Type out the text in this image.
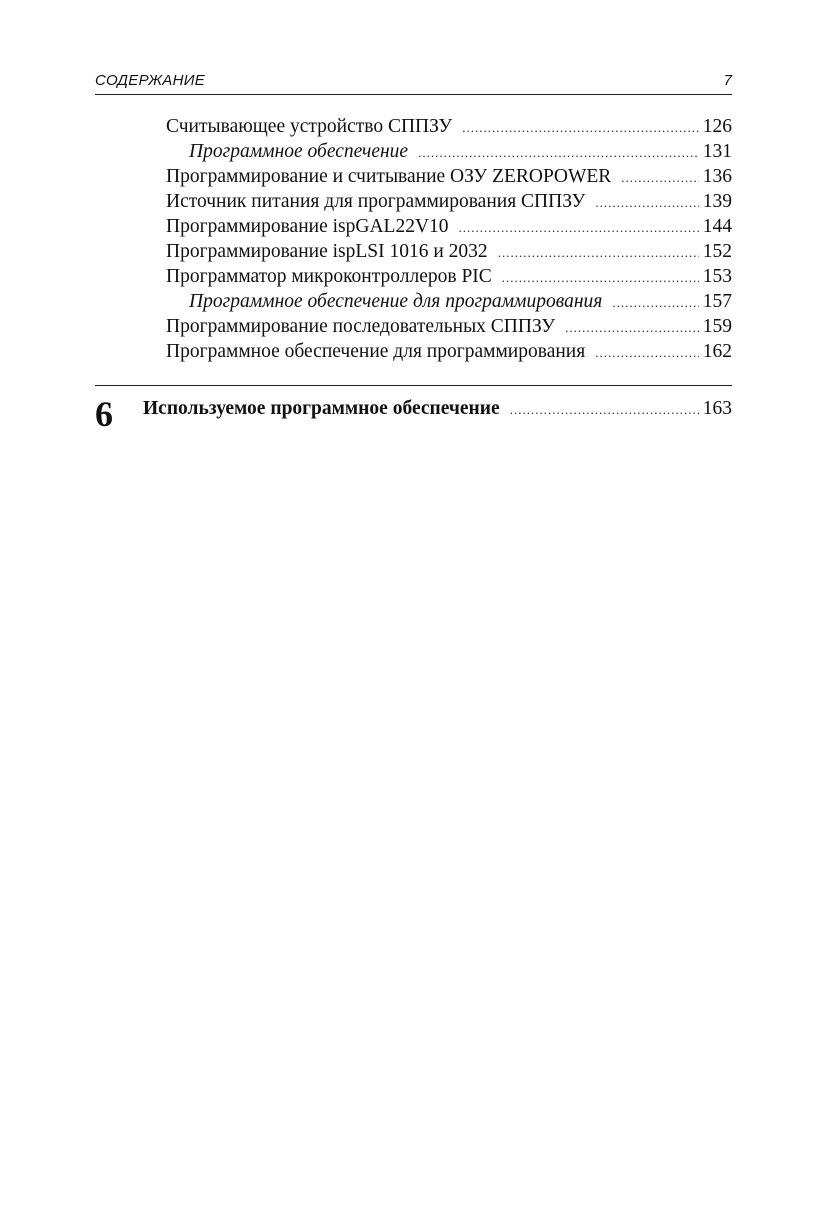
СОДЕРЖАНИЕ	7
Считывающее устройство СППЗУ .....	126
Программное обеспечение .....	131
Программирование и считывание ОЗУ ZEROPOWER .....	136
Источник питания для программирования СППЗУ .....	139
Программирование ispGAL22V10 .....	144
Программирование ispLSI 1016 и 2032 .....	152
Программатор микроконтроллеров PIC .....	153
Программное обеспечение для программирования .....	157
Программирование последовательных СППЗУ .....	159
Программное обеспечение для программирования .....	162
6 Используемое программное обеспечение .....	163
